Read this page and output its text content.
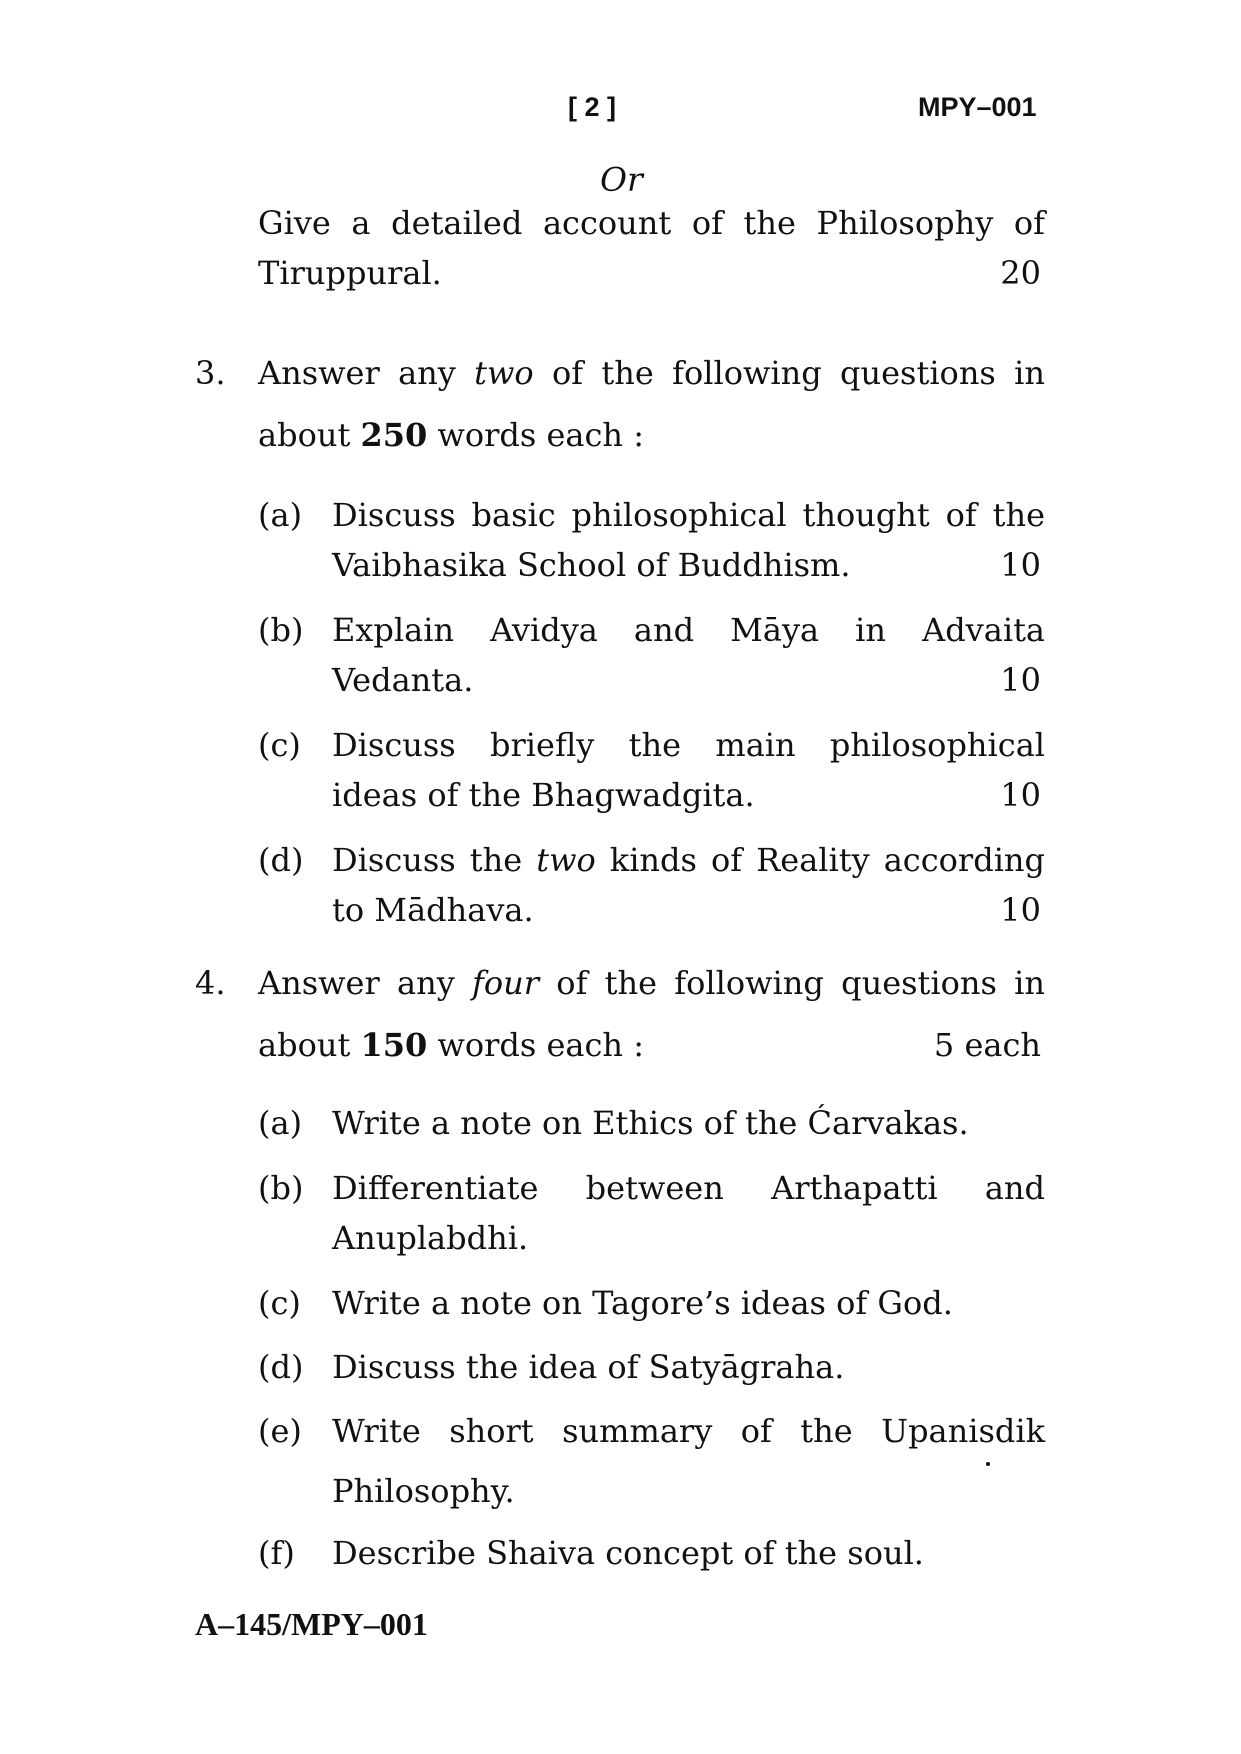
[ 2 ]	MPY–001
Or
Give a detailed account of the Philosophy of
Tiruppural.	20
3. Answer any two of the following questions in
about 250 words each :
(a) Discuss basic philosophical thought of the
Vaibhasika School of Buddhism.	10
(b) Explain Avidya and Māya in Advaita
Vedanta.	10
(c) Discuss briefly the main philosophical
ideas of the Bhagwadgita.	10
(d) Discuss the two kinds of Reality according
to Mādhava.	10
4. Answer any four of the following questions in
about 150 words each :	5 each
(a) Write a note on Ethics of the Ćarvakas.
(b) Differentiate between Arthapatti and
Anuplabdhi.
(c) Write a note on Tagore’s ideas of God.
(d) Discuss the idea of Satyāgraha.
(e) Write short summary of the Upanisdik
Philosophy.
(f) Describe Shaiva concept of the soul.
A–145/MPY–001
